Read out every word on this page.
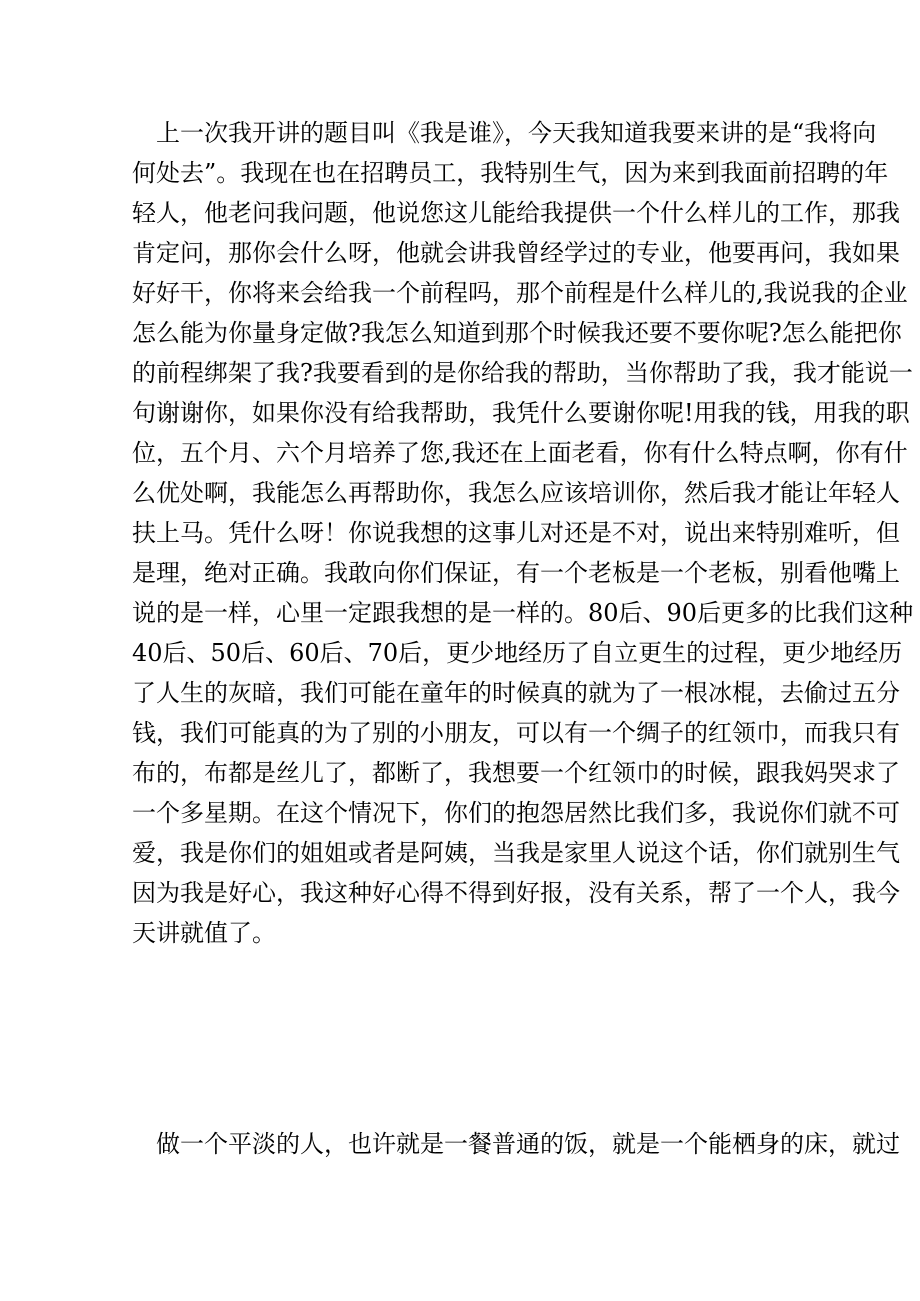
上一次我开讲的题目叫《我是谁》，今天我知道我要来讲的是“我将向
何处去”。我现在也在招聘员工，我特别生气，因为来到我面前招聘的年
轻人，他老问我问题，他说您这儿能给我提供一个什么样儿的工作，那我
肯定问，那你会什么呀，他就会讲我曾经学过的专业，他要再问，我如果
好好干，你将来会给我一个前程吗，那个前程是什么样儿的,我说我的企业
怎么能为你量身定做?我怎么知道到那个时候我还要不要你呢?怎么能把你
的前程绑架了我?我要看到的是你给我的帮助，当你帮助了我，我才能说一
句谢谢你，如果你没有给我帮助，我凭什么要谢你呢!用我的钱，用我的职
位，五个月、六个月培养了您,我还在上面老看，你有什么特点啊，你有什
么优处啊，我能怎么再帮助你，我怎么应该培训你，然后我才能让年轻人
扶上马。凭什么呀！你说我想的这事儿对还是不对，说出来特别难听，但
是理，绝对正确。我敢向你们保证，有一个老板是一个老板，别看他嘴上
说的是一样，心里一定跟我想的是一样的。80后、90后更多的比我们这种
40后、50后、60后、70后，更少地经历了自立更生的过程，更少地经历
了人生的灰暗，我们可能在童年的时候真的就为了一根冰棍，去偷过五分
钱，我们可能真的为了别的小朋友，可以有一个绸子的红领巾，而我只有
布的，布都是丝儿了，都断了，我想要一个红领巾的时候，跟我妈哭求了
一个多星期。在这个情况下，你们的抱怨居然比我们多，我说你们就不可
爱，我是你们的姐姐或者是阿姨，当我是家里人说这个话，你们就别生气
因为我是好心，我这种好心得不得到好报，没有关系，帮了一个人，我今
天讲就值了。
做一个平淡的人，也许就是一餐普通的饭，就是一个能栖身的床，就过
